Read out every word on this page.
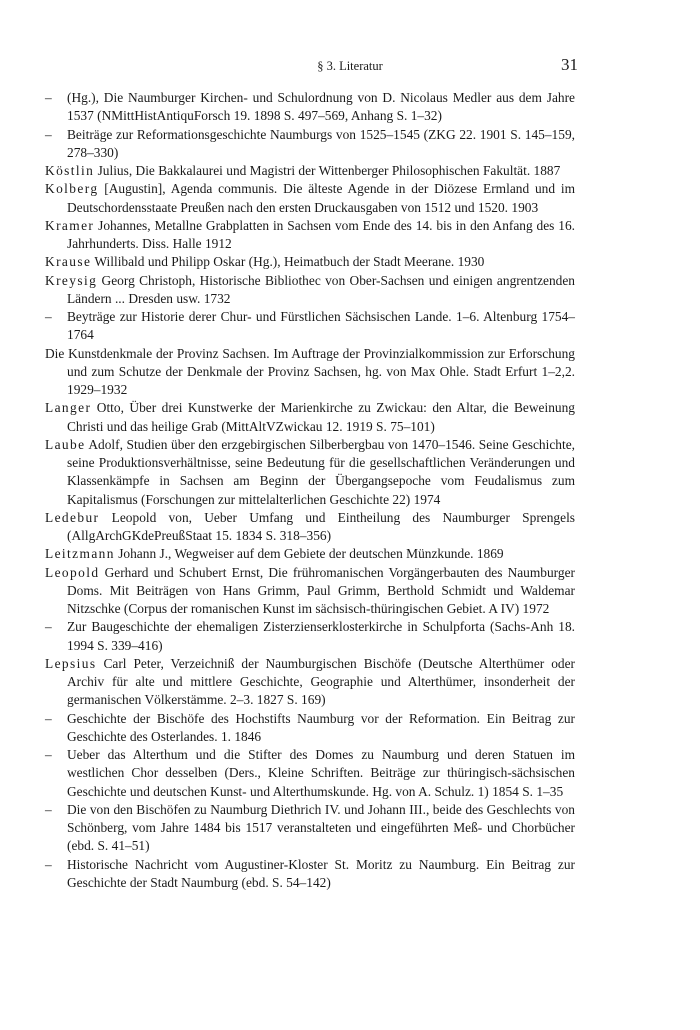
§ 3. Literatur	31
– (Hg.), Die Naumburger Kirchen- und Schulordnung von D. Nicolaus Medler aus dem Jahre 1537 (NMittHistAntiquForsch 19. 1898 S. 497–569, Anhang S. 1–32)
– Beiträge zur Reformationsgeschichte Naumburgs von 1525–1545 (ZKG 22. 1901 S. 145–159, 278–330)
Köstlin Julius, Die Bakkalaurei und Magistri der Wittenberger Philosophischen Fakultät. 1887
Kolberg [Augustin], Agenda communis. Die älteste Agende in der Diözese Ermland und im Deutschordensstaate Preußen nach den ersten Druckausgaben von 1512 und 1520. 1903
Kramer Johannes, Metallne Grabplatten in Sachsen vom Ende des 14. bis in den Anfang des 16. Jahrhunderts. Diss. Halle 1912
Krause Willibald und Philipp Oskar (Hg.), Heimatbuch der Stadt Meerane. 1930
Kreysig Georg Christoph, Historische Bibliothec von Ober-Sachsen und einigen angrentzenden Ländern ... Dresden usw. 1732
– Beyträge zur Historie derer Chur- und Fürstlichen Sächsischen Lande. 1–6. Altenburg 1754–1764
Die Kunstdenkmale der Provinz Sachsen. Im Auftrage der Provinzialkommission zur Erforschung und zum Schutze der Denkmale der Provinz Sachsen, hg. von Max Ohle. Stadt Erfurt 1–2,2. 1929–1932
Langer Otto, Über drei Kunstwerke der Marienkirche zu Zwickau: den Altar, die Beweinung Christi und das heilige Grab (MittAltVZwickau 12. 1919 S. 75–101)
Laube Adolf, Studien über den erzgebirgischen Silberbergbau von 1470–1546. Seine Geschichte, seine Produktionsverhältnisse, seine Bedeutung für die gesellschaftlichen Veränderungen und Klassenkämpfe in Sachsen am Beginn der Übergangsepoche vom Feudalismus zum Kapitalismus (Forschungen zur mittelalterlichen Geschichte 22) 1974
Ledebur Leopold von, Ueber Umfang und Eintheilung des Naumburger Sprengels (AllgArchGKdePreußStaat 15. 1834 S. 318–356)
Leitzmann Johann J., Wegweiser auf dem Gebiete der deutschen Münzkunde. 1869
Leopold Gerhard und Schubert Ernst, Die frühromanischen Vorgängerbauten des Naumburger Doms. Mit Beiträgen von Hans Grimm, Paul Grimm, Berthold Schmidt und Waldemar Nitzschke (Corpus der romanischen Kunst im sächsisch-thüringischen Gebiet. A IV) 1972
– Zur Baugeschichte der ehemaligen Zisterzienserklosterkirche in Schulpforta (Sachs-Anh 18. 1994 S. 339–416)
Lepsius Carl Peter, Verzeichniß der Naumburgischen Bischöfe (Deutsche Alterthümer oder Archiv für alte und mittlere Geschichte, Geographie und Alterthümer, insonderheit der germanischen Völkerstämme. 2–3. 1827 S. 169)
– Geschichte der Bischöfe des Hochstifts Naumburg vor der Reformation. Ein Beitrag zur Geschichte des Osterlandes. 1. 1846
– Ueber das Alterthum und die Stifter des Domes zu Naumburg und deren Statuen im westlichen Chor desselben (Ders., Kleine Schriften. Beiträge zur thüringisch-sächsischen Geschichte und deutschen Kunst- und Alterthumskunde. Hg. von A. Schulz. 1) 1854 S. 1–35
– Die von den Bischöfen zu Naumburg Diethrich IV. und Johann III., beide des Geschlechts von Schönberg, vom Jahre 1484 bis 1517 veranstalteten und eingeführten Meß- und Chorbücher (ebd. S. 41–51)
– Historische Nachricht vom Augustiner-Kloster St. Moritz zu Naumburg. Ein Beitrag zur Geschichte der Stadt Naumburg (ebd. S. 54–142)
